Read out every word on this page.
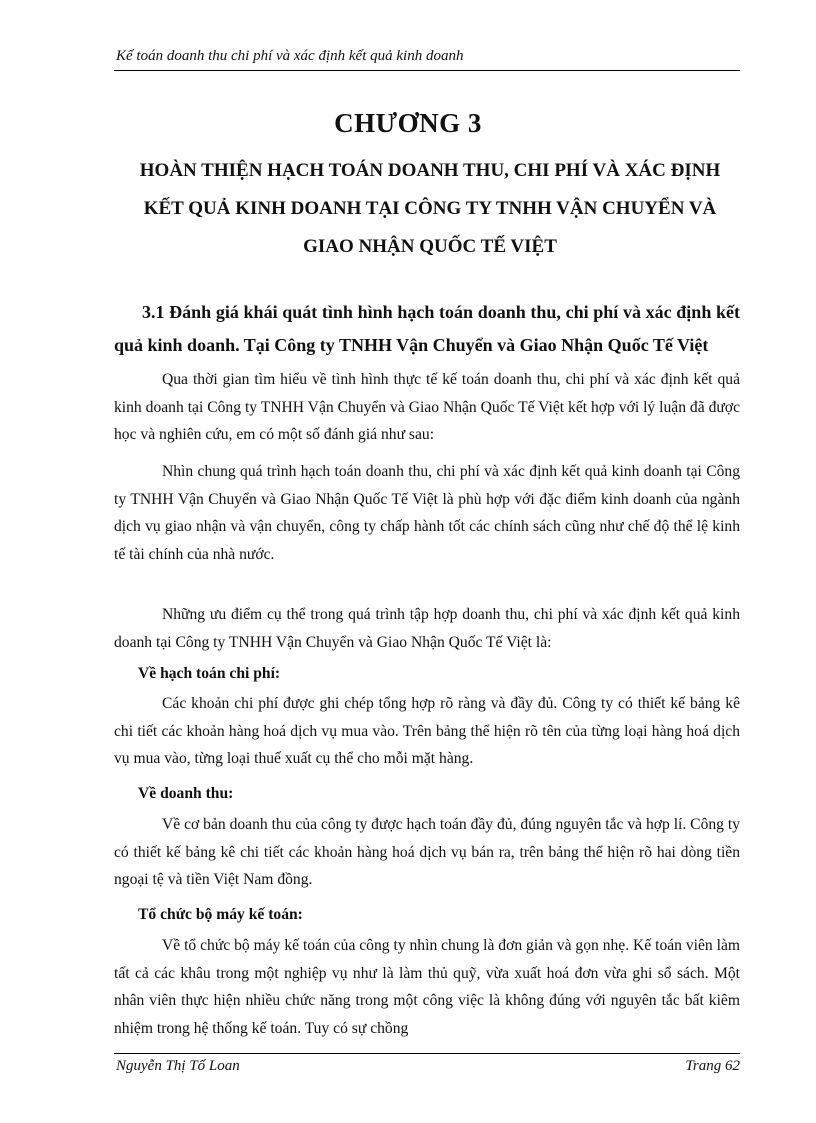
Kế toán doanh thu chi phí và xác định kết quả kinh doanh
CHƯƠNG 3
HOÀN THIỆN HẠCH TOÁN DOANH THU, CHI PHÍ VÀ XÁC ĐỊNH KẾT QUẢ KINH DOANH TẠI CÔNG TY TNHH VẬN CHUYỂN VÀ GIAO NHẬN QUỐC TẾ VIỆT
3.1 Đánh giá khái quát tình hình hạch toán doanh thu, chi phí và xác định kết quả kinh doanh. Tại Công ty TNHH Vận Chuyển và Giao Nhận Quốc Tế Việt
Qua thời gian tìm hiểu về tình hình thực tế kế toán doanh thu, chi phí và xác định kết quả kinh doanh tại Công ty TNHH Vận Chuyển và Giao Nhận Quốc Tế Việt kết hợp với lý luận đã được học và nghiên cứu, em có một số đánh giá như sau:
Nhìn chung quá trình hạch toán doanh thu, chi phí và xác định kết quả kinh doanh tại Công ty TNHH Vận Chuyển và Giao Nhận Quốc Tế Việt là phù hợp với đặc điểm kinh doanh của ngành dịch vụ giao nhận và vận chuyển, công ty chấp hành tốt các chính sách cũng như chế độ thể lệ kinh tế tài chính của nhà nước.
Những ưu điểm cụ thể trong quá trình tập hợp doanh thu, chi phí và xác định kết quả kinh doanh tại Công ty TNHH Vận Chuyển và Giao Nhận Quốc Tế Việt là:
Về hạch toán chi phí:
Các khoản chi phí được ghi chép tổng hợp rõ ràng và đầy đủ. Công ty có thiết kế bảng kê chi tiết các khoản hàng hoá dịch vụ mua vào. Trên bảng thể hiện rõ tên của từng loại hàng hoá dịch vụ mua vào, từng loại thuế xuất cụ thể cho mỗi mặt hàng.
Về doanh thu:
Về cơ bản doanh thu của công ty được hạch toán đầy đủ, đúng nguyên tắc và hợp lí. Công ty có thiết kế bảng kê chi tiết các khoản hàng hoá dịch vụ bán ra, trên bảng thể hiện rõ hai dòng tiền ngoại tệ và tiền Việt Nam đồng.
Tổ chức bộ máy kế toán:
Về tổ chức bộ máy kế toán của công ty nhìn chung là đơn giản và gọn nhẹ. Kế toán viên làm tất cả các khâu trong một nghiệp vụ như là làm thủ quỹ, vừa xuất hoá đơn vừa ghi sổ sách. Một nhân viên thực hiện nhiều chức năng trong một công việc là không đúng với nguyên tắc bất kiêm nhiệm trong hệ thống kế toán. Tuy có sự chồng
Nguyễn Thị Tố Loan	Trang 62
